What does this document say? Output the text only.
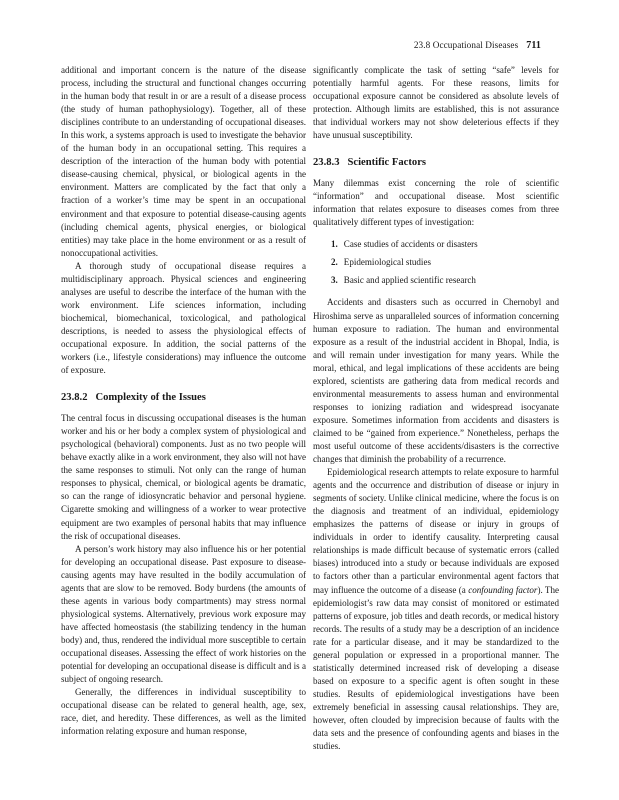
23.8 Occupational Diseases 711

additional and important concern is the nature of the disease process, including the structural and functional changes occurring in the human body that result in or are a result of a disease process (the study of human pathophysiology). Together, all of these disciplines contribute to an understanding of occupational diseases. In this work, a systems approach is used to investigate the behavior of the human body in an occupational setting. This requires a description of the interaction of the human body with potential disease-causing chemical, physical, or biological agents in the environment. Matters are complicated by the fact that only a fraction of a worker’s time may be spent in an occupational environment and that exposure to potential disease-causing agents (including chemical agents, physical energies, or biological entities) may take place in the home environment or as a result of nonoccupational activities.

A thorough study of occupational disease requires a multidisciplinary approach. Physical sciences and engineering analyses are useful to describe the interface of the human with the work environment. Life sciences information, including biochemical, biomechanical, toxicological, and pathological descriptions, is needed to assess the physiological effects of occupational exposure. In addition, the social patterns of the workers (i.e., lifestyle considerations) may influence the outcome of exposure.

23.8.2 Complexity of the Issues

The central focus in discussing occupational diseases is the human worker and his or her body a complex system of physiological and psychological (behavioral) components. Just as no two people will behave exactly alike in a work environment, they also will not have the same responses to stimuli. Not only can the range of human responses to physical, chemical, or biological agents be dramatic, so can the range of idiosyncratic behavior and personal hygiene. Cigarette smoking and willingness of a worker to wear protective equipment are two examples of personal habits that may influence the risk of occupational diseases.

A person’s work history may also influence his or her potential for developing an occupational disease. Past exposure to disease-causing agents may have resulted in the bodily accumulation of agents that are slow to be removed. Body burdens (the amounts of these agents in various body compartments) may stress normal physiological systems. Alternatively, previous work exposure may have affected homeostasis (the stabilizing tendency in the human body) and, thus, rendered the individual more susceptible to certain occupational diseases. Assessing the effect of work histories on the potential for developing an occupational disease is difficult and is a subject of ongoing research.

Generally, the differences in individual susceptibility to occupational disease can be related to general health, age, sex, race, diet, and heredity. These differences, as well as the limited information relating exposure and human response,

significantly complicate the task of setting “safe” levels for potentially harmful agents. For these reasons, limits for occupational exposure cannot be considered as absolute levels of protection. Although limits are established, this is not assurance that individual workers may not show deleterious effects if they have unusual susceptibility.

23.8.3 Scientific Factors

Many dilemmas exist concerning the role of scientific “information” and occupational disease. Most scientific information that relates exposure to diseases comes from three qualitatively different types of investigation:

1. Case studies of accidents or disasters
2. Epidemiological studies
3. Basic and applied scientific research

Accidents and disasters such as occurred in Chernobyl and Hiroshima serve as unparalleled sources of information concerning human exposure to radiation. The human and environmental exposure as a result of the industrial accident in Bhopal, India, is and will remain under investigation for many years. While the moral, ethical, and legal implications of these accidents are being explored, scientists are gathering data from medical records and environmental measurements to assess human and environmental responses to ionizing radiation and widespread isocyanate exposure. Sometimes information from accidents and disasters is claimed to be “gained from experience.” Nonetheless, perhaps the most useful outcome of these accidents/disasters is the corrective changes that diminish the probability of a recurrence.

Epidemiological research attempts to relate exposure to harmful agents and the occurrence and distribution of disease or injury in segments of society. Unlike clinical medicine, where the focus is on the diagnosis and treatment of an individual, epidemiology emphasizes the patterns of disease or injury in groups of individuals in order to identify causality. Interpreting causal relationships is made difficult because of systematic errors (called biases) introduced into a study or because individuals are exposed to factors other than a particular environmental agent factors that may influence the outcome of a disease (a confounding factor). The epidemiologist’s raw data may consist of monitored or estimated patterns of exposure, job titles and death records, or medical history records. The results of a study may be a description of an incidence rate for a particular disease, and it may be standardized to the general population or expressed in a proportional manner. The statistically determined increased risk of developing a disease based on exposure to a specific agent is often sought in these studies. Results of epidemiological investigations have been extremely beneficial in assessing causal relationships. They are, however, often clouded by imprecision because of faults with the data sets and the presence of confounding agents and biases in the studies.
